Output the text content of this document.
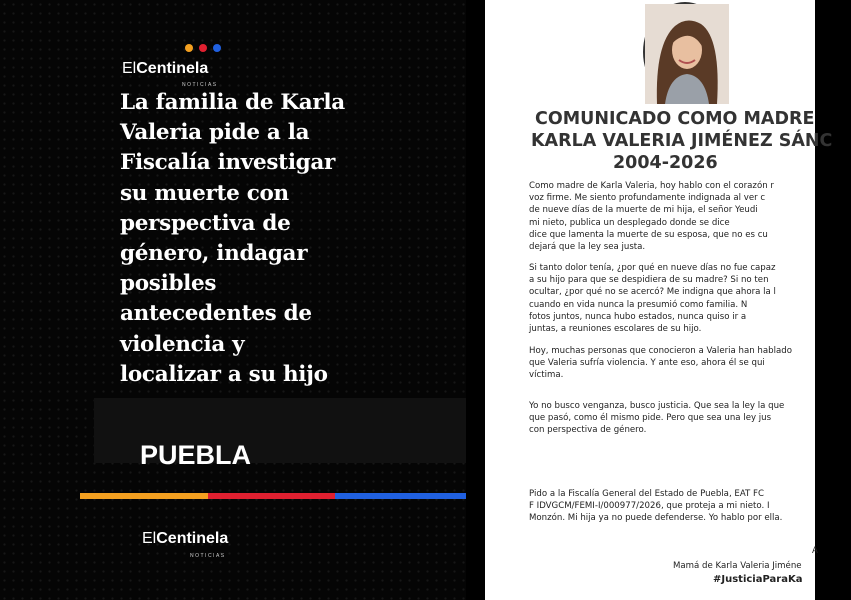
ElCentinela
NOTICIAS
La familia de Karla
Valeria pide a la
Fiscalía investigar
su muerte con
perspectiva de
género, indagar
posibles
antecedentes de
violencia y
localizar a su hijo
PUEBLA
ElCentinela
NOTICIAS
COMUNICADO COMO MADRE
KARLA VALERIA JIMÉNEZ SÁNC
2004-2026
Como madre de Karla Valeria, hoy hablo con el corazón r
voz firme. Me siento profundamente indignada al ver c
de nueve días de la muerte de mi hija, el señor Yeudi
mi nieto, publica un desplegado donde se dice
dice que lamenta la muerte de su esposa, que no es cu
dejará que la ley sea justa.
Si tanto dolor tenía, ¿por qué en nueve días no fue capaz
a su hijo para que se despidiera de su madre? Si no ten
ocultar, ¿por qué no se acercó? Me indigna que ahora la l
cuando en vida nunca la presumió como familia. N
fotos juntos, nunca hubo estados, nunca quiso ir a
juntas, a reuniones escolares de su hijo.
Hoy, muchas personas que conocieron a Valeria han hablado
que Valeria sufría violencia. Y ante eso, ahora él se qui
víctima.
Yo no busco venganza, busco justicia. Que sea la ley la que
que pasó, como él mismo pide. Pero que sea una ley jus
con perspectiva de género.
Pido a la Fiscalía General del Estado de Puebla, EAT FC
F IDVGCM/FEMI-I/000977/2026, que proteja a mi nieto. I
Monzón. Mi hija ya no puede defenderse. Yo hablo por ella.
A
Mamá de Karla Valeria Jiméne
#JusticiaParaKa
